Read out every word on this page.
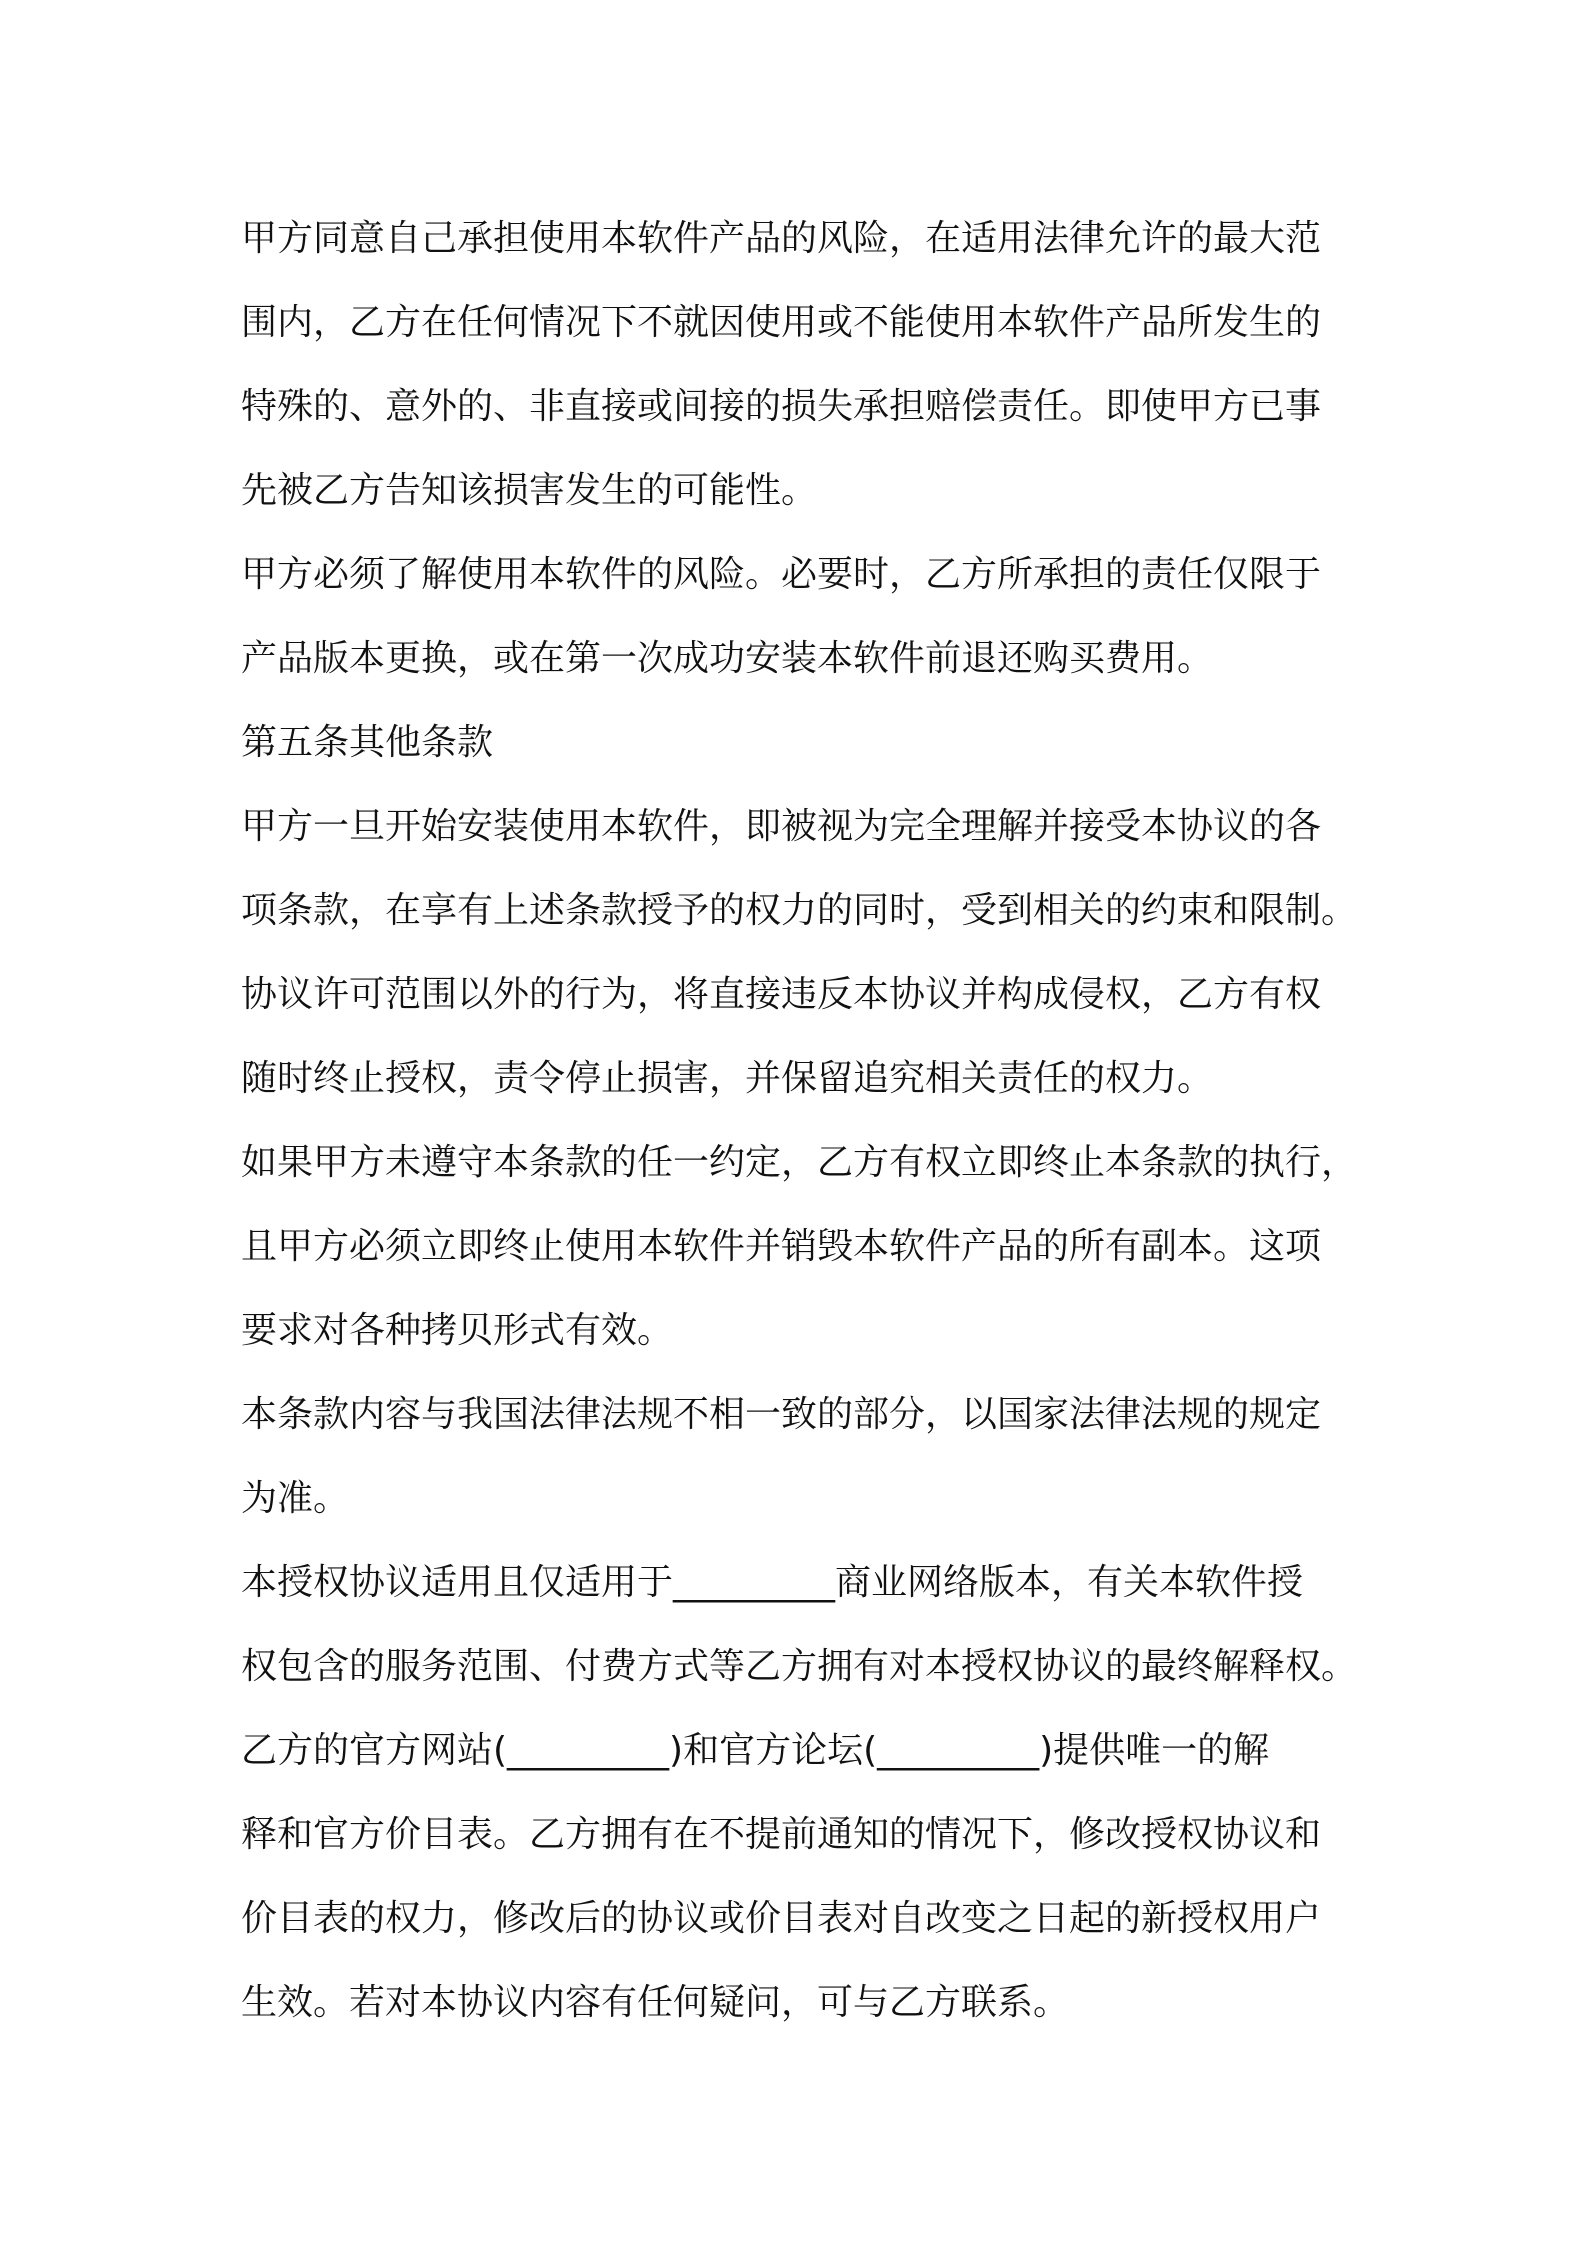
甲方同意自己承担使用本软件产品的风险，在适用法律允许的最大范
围内，乙方在任何情况下不就因使用或不能使用本软件产品所发生的
特殊的、意外的、非直接或间接的损失承担赔偿责任。即使甲方已事
先被乙方告知该损害发生的可能性。
甲方必须了解使用本软件的风险。必要时，乙方所承担的责任仅限于
产品版本更换，或在第一次成功安装本软件前退还购买费用。
第五条其他条款
甲方一旦开始安装使用本软件，即被视为完全理解并接受本协议的各
项条款，在享有上述条款授予的权力的同时，受到相关的约束和限制。
协议许可范围以外的行为，将直接违反本协议并构成侵权，乙方有权
随时终止授权，责令停止损害，并保留追究相关责任的权力。
如果甲方未遵守本条款的任一约定，乙方有权立即终止本条款的执行，
且甲方必须立即终止使用本软件并销毁本软件产品的所有副本。这项
要求对各种拷贝形式有效。
本条款内容与我国法律法规不相一致的部分，以国家法律法规的规定
为准。
本授权协议适用且仅适用于_________商业网络版本，有关本软件授
权包含的服务范围、付费方式等乙方拥有对本授权协议的最终解释权。
乙方的官方网站(_________)和官方论坛(_________)提供唯一的解
释和官方价目表。乙方拥有在不提前通知的情况下，修改授权协议和
价目表的权力，修改后的协议或价目表对自改变之日起的新授权用户
生效。若对本协议内容有任何疑问，可与乙方联系。
